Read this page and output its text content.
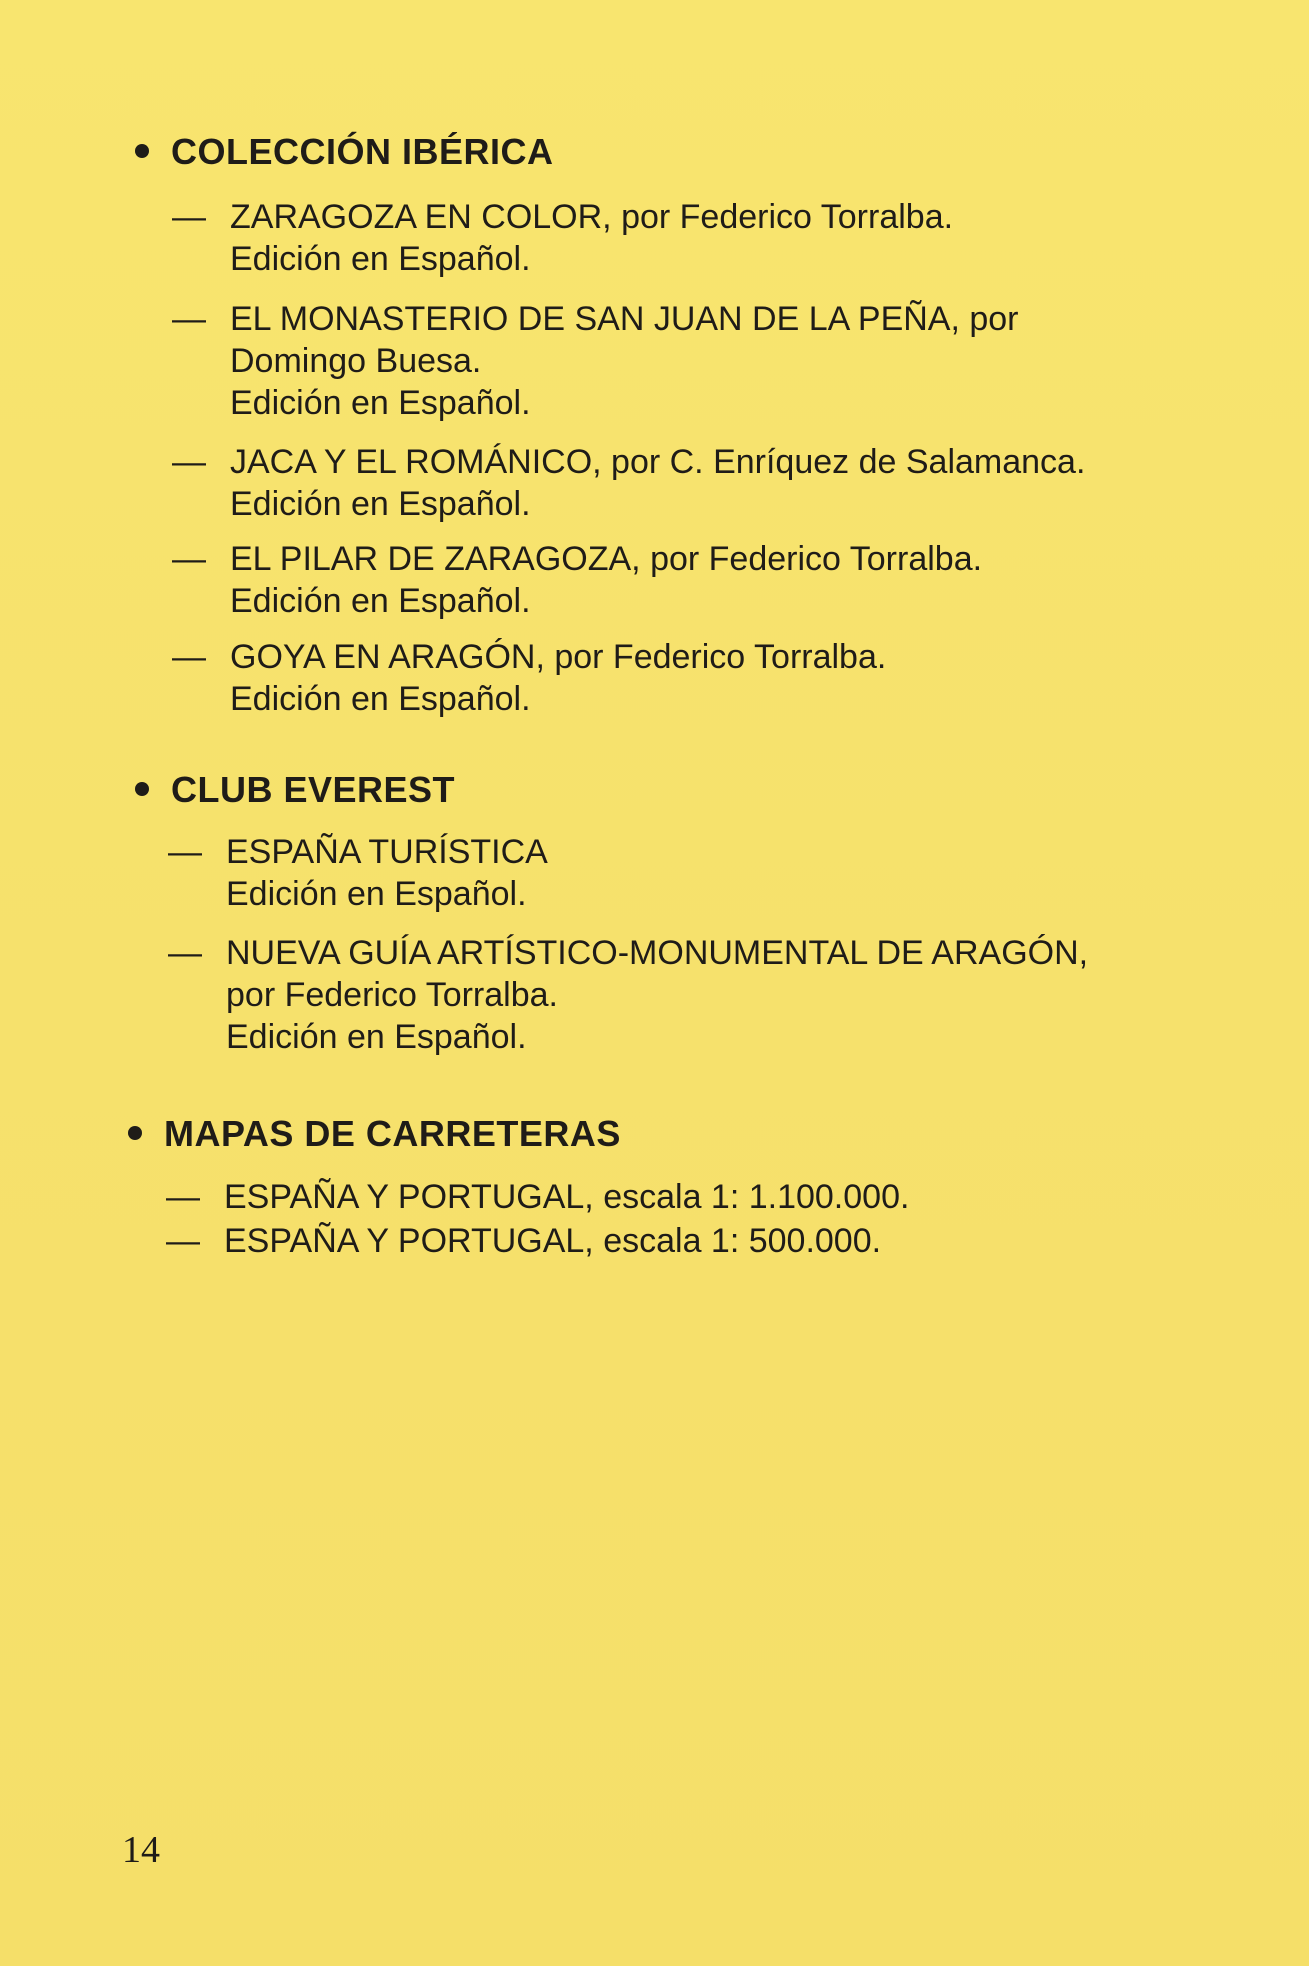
COLECCIÓN IBÉRICA
— ZARAGOZA EN COLOR, por Federico Torralba.
Edición en Español.
— EL MONASTERIO DE SAN JUAN DE LA PEÑA, por
Domingo Buesa.
Edición en Español.
— JACA Y EL ROMÁNICO, por C. Enríquez de Salamanca.
Edición en Español.
— EL PILAR DE ZARAGOZA, por Federico Torralba.
Edición en Español.
— GOYA EN ARAGÓN, por Federico Torralba.
Edición en Español.
CLUB EVEREST
— ESPAÑA TURÍSTICA
Edición en Español.
— NUEVA GUÍA ARTÍSTICO-MONUMENTAL DE ARAGÓN,
por Federico Torralba.
Edición en Español.
MAPAS DE CARRETERAS
— ESPAÑA Y PORTUGAL, escala 1: 1.100.000.
— ESPAÑA Y PORTUGAL, escala 1: 500.000.
14
